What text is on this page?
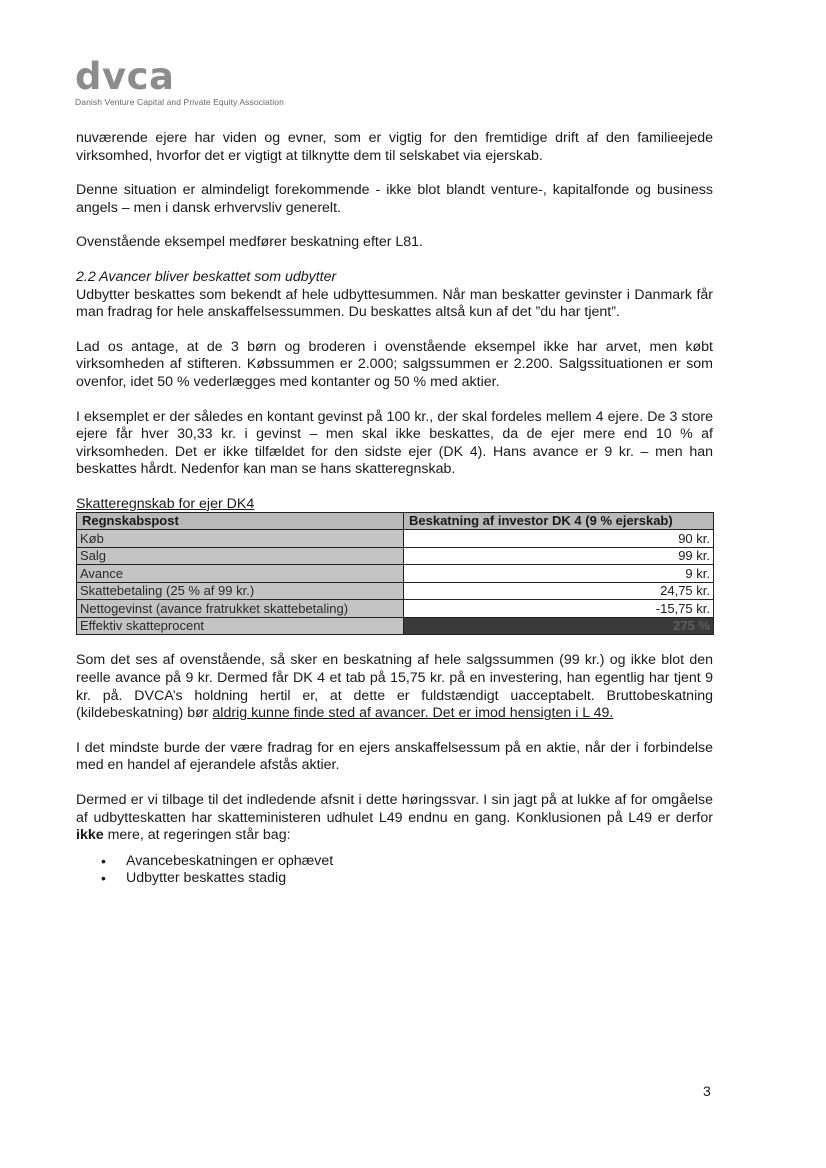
dvca
Danish Venture Capital and Private Equity Association

nuværende ejere har viden og evner, som er vigtig for den fremtidige drift af den familieejede virksomhed, hvorfor det er vigtigt at tilknytte dem til selskabet via ejerskab.

Denne situation er almindeligt forekommende - ikke blot blandt venture-, kapitalfonde og business angels – men i dansk erhvervsliv generelt.

Ovenstående eksempel medfører beskatning efter L81.

2.2 Avancer bliver beskattet som udbytter

Udbytter beskattes som bekendt af hele udbyttesummen. Når man beskatter gevinster i Danmark får man fradrag for hele anskaffelsessummen. Du beskattes altså kun af det ”du har tjent”.

Lad os antage, at de 3 børn og broderen i ovenstående eksempel ikke har arvet, men købt virksomheden af stifteren. Købssummen er 2.000; salgssummen er 2.200. Salgssituationen er som ovenfor, idet 50 % vederlægges med kontanter og 50 % med aktier.

I eksemplet er der således en kontant gevinst på 100 kr., der skal fordeles mellem 4 ejere. De 3 store ejere får hver 30,33 kr. i gevinst – men skal ikke beskattes, da de ejer mere end 10 % af virksomheden. Det er ikke tilfældet for den sidste ejer (DK 4). Hans avance er 9 kr. – men han beskattes hårdt. Nedenfor kan man se hans skatteregnskab.

Skatteregnskab for ejer DK4
Regnskabspost	Beskatning af investor DK 4 (9 % ejerskab)
Køb	90 kr.
Salg	99 kr.
Avance	9 kr.
Skattebetaling (25 % af 99 kr.)	24,75 kr.
Nettogevinst (avance fratrukket skattebetaling)	-15,75 kr.
Effektiv skatteprocent	275 %

Som det ses af ovenstående, så sker en beskatning af hele salgssummen (99 kr.) og ikke blot den reelle avance på 9 kr. Dermed får DK 4 et tab på 15,75 kr. på en investering, han egentlig har tjent 9 kr. på. DVCA’s holdning hertil er, at dette er fuldstændigt uacceptabelt. Bruttobeskatning (kildebeskatning) bør aldrig kunne finde sted af avancer. Det er imod hensigten i L 49.

I det mindste burde der være fradrag for en ejers anskaffelsessum på en aktie, når der i forbindelse med en handel af ejerandele afstås aktier.

Dermed er vi tilbage til det indledende afsnit i dette høringssvar. I sin jagt på at lukke af for omgåelse af udbytteskatten har skatteministeren udhulet L49 endnu en gang. Konklusionen på L49 er derfor ikke mere, at regeringen står bag:

• Avancebeskatningen er ophævet
• Udbytter beskattes stadig
3
